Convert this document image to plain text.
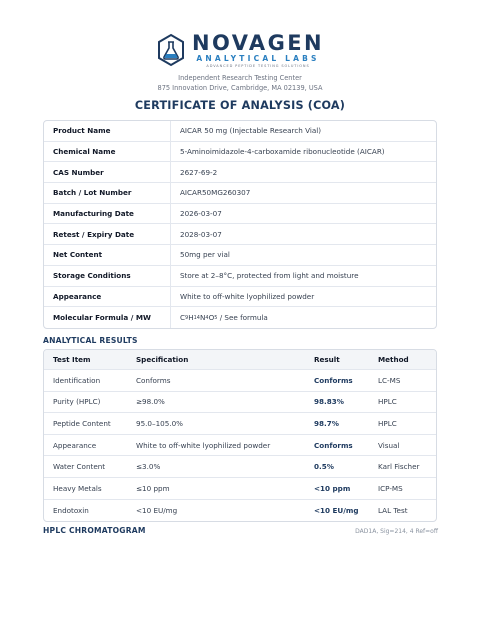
NOVAGEN
ANALYTICAL LABS
ADVANCED PEPTIDE TESTING SOLUTIONS
Independent Research Testing Center
875 Innovation Drive, Cambridge, MA 02139, USA
CERTIFICATE OF ANALYSIS (COA)
Product Name	AICAR 50 mg (Injectable Research Vial)
Chemical Name	5-Aminoimidazole-4-carboxamide ribonucleotide (AICAR)
CAS Number	2627-69-2
Batch / Lot Number	AICAR50MG260307
Manufacturing Date	2026-03-07
Retest / Expiry Date	2028-03-07
Net Content	50mg per vial
Storage Conditions	Store at 2–8°C, protected from light and moisture
Appearance	White to off-white lyophilized powder
Molecular Formula / MW	C 9 H 14 N 4 O 5 / See formula
ANALYTICAL RESULTS
Test Item	Specification	Result	Method
Identification	Conforms	Conforms	LC-MS
Purity (HPLC)	≥98.0%	98.83%	HPLC
Peptide Content	95.0–105.0%	98.7%	HPLC
Appearance	White to off-white lyophilized powder	Conforms	Visual
Water Content	≤3.0%	0.5%	Karl Fischer
Heavy Metals	≤10 ppm	<10 ppm	ICP-MS
Endotoxin	<10 EU/mg	<10 EU/mg	LAL Test
HPLC CHROMATOGRAM	DAD1A, Sig=214, 4 Ref=off
